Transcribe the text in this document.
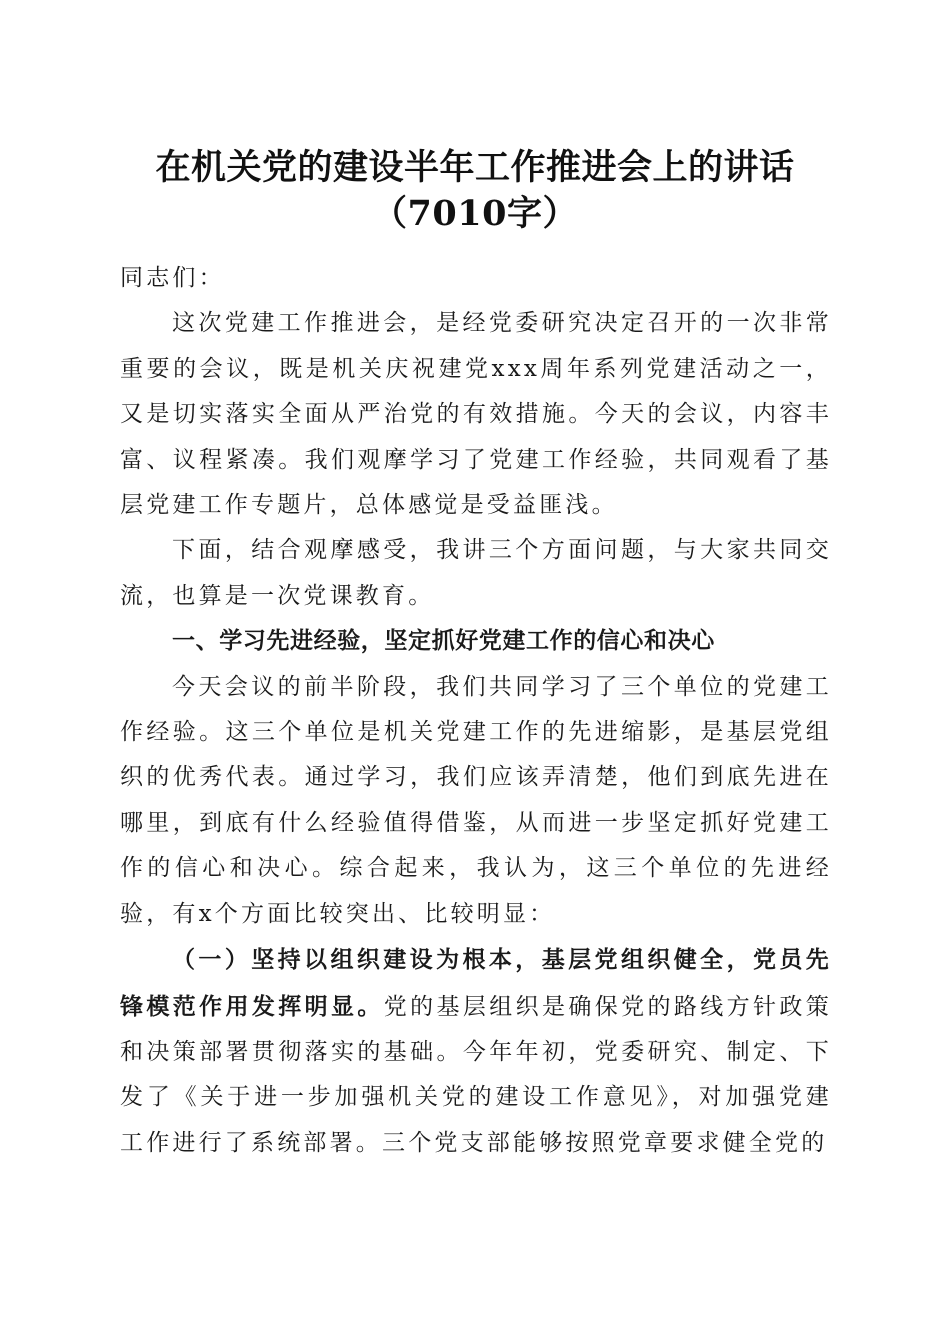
在机关党的建设半年工作推进会上的讲话
（7010字）

同志们：

这次党建工作推进会，是经党委研究决定召开的一次非常重要的会议，既是机关庆祝建党xxx周年系列党建活动之一，又是切实落实全面从严治党的有效措施。今天的会议，内容丰富、议程紧凑。我们观摩学习了党建工作经验，共同观看了基层党建工作专题片，总体感觉是受益匪浅。

下面，结合观摩感受，我讲三个方面问题，与大家共同交流，也算是一次党课教育。

一、学习先进经验，坚定抓好党建工作的信心和决心

今天会议的前半阶段，我们共同学习了三个单位的党建工作经验。这三个单位是机关党建工作的先进缩影，是基层党组织的优秀代表。通过学习，我们应该弄清楚，他们到底先进在哪里，到底有什么经验值得借鉴，从而进一步坚定抓好党建工作的信心和决心。综合起来，我认为，这三个单位的先进经验，有x个方面比较突出、比较明显：

（一）坚持以组织建设为根本，基层党组织健全，党员先锋模范作用发挥明显。党的基层组织是确保党的路线方针政策和决策部署贯彻落实的基础。今年年初，党委研究、制定、下发了《关于进一步加强机关党的建设工作意见》，对加强党建工作进行了系统部署。三个党支部能够按照党章要求健全党的
